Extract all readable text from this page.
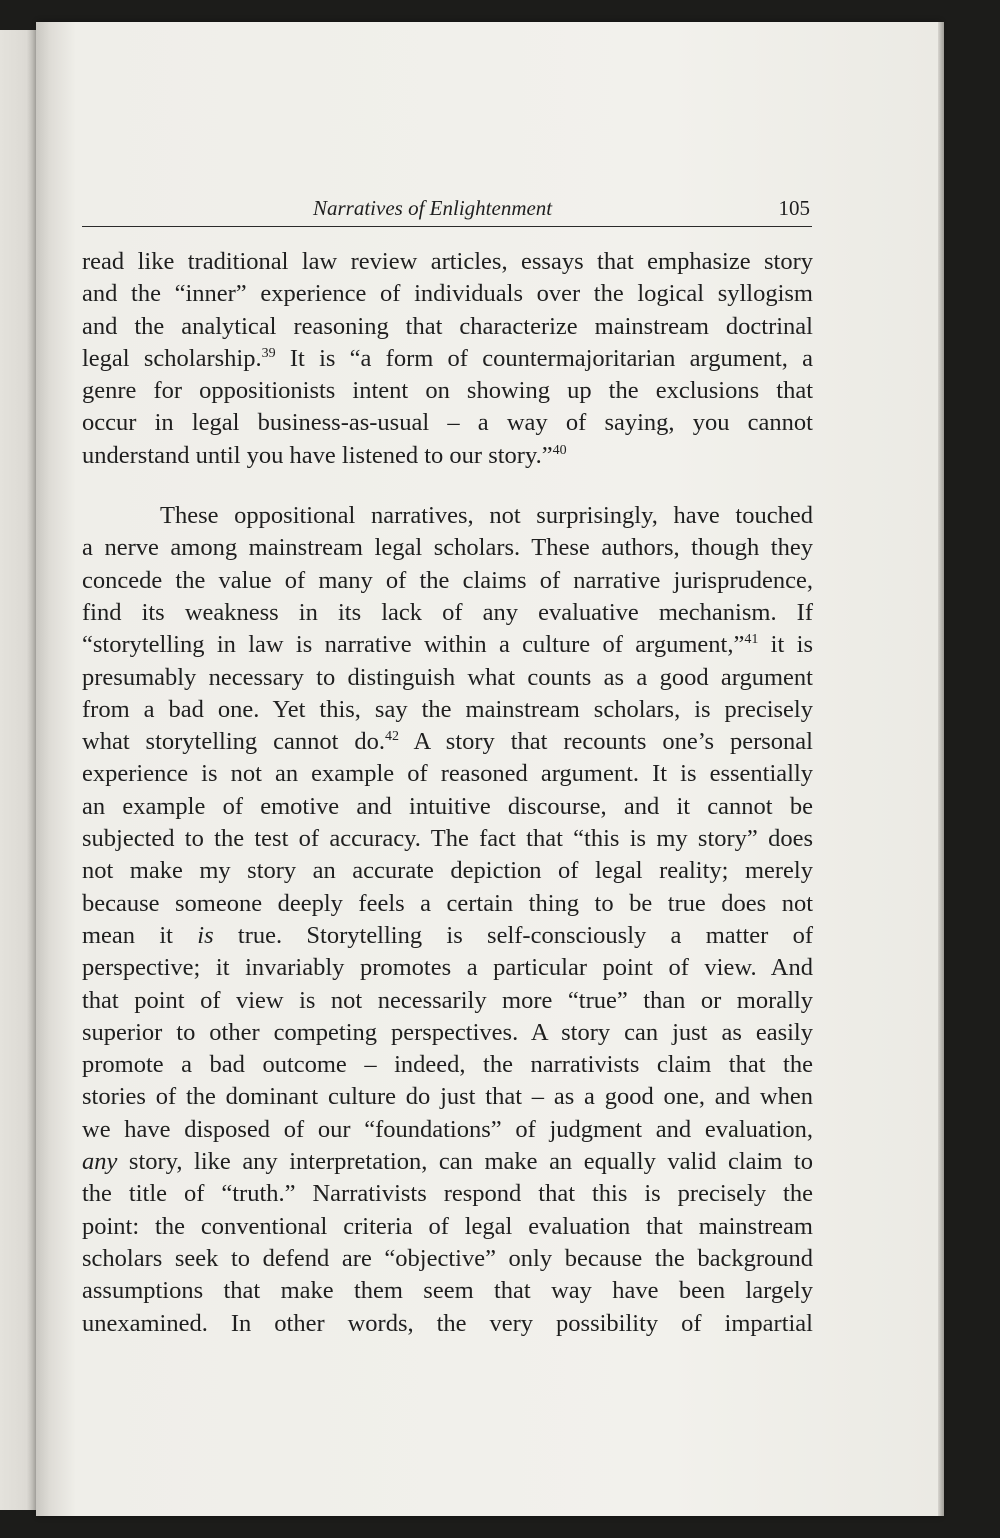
Narratives of Enlightenment	105
read like traditional law review articles, essays that emphasize story
and the “inner” experience of individuals over the logical syllogism
and the analytical reasoning that characterize mainstream doctrinal
legal scholarship.$^{39}$ It is “a form of countermajoritarian argument, a
genre for oppositionists intent on showing up the exclusions that
occur in legal business-as-usual – a way of saying, you cannot
understand until you have listened to our story.”$^{40}$
These oppositional narratives, not surprisingly, have touched
a nerve among mainstream legal scholars. These authors, though they
concede the value of many of the claims of narrative jurisprudence,
find its weakness in its lack of any evaluative mechanism. If
“storytelling in law is narrative within a culture of argument,”$^{41}$ it is
presumably necessary to distinguish what counts as a good argument
from a bad one. Yet this, say the mainstream scholars, is precisely
what storytelling cannot do.$^{42}$ A story that recounts one’s personal
experience is not an example of reasoned argument. It is essentially
an example of emotive and intuitive discourse, and it cannot be
subjected to the test of accuracy. The fact that “this is my story” does
not make my story an accurate depiction of legal reality; merely
because someone deeply feels a certain thing to be true does not
mean it is true. Storytelling is self-consciously a matter of
perspective; it invariably promotes a particular point of view. And
that point of view is not necessarily more “true” than or morally
superior to other competing perspectives. A story can just as easily
promote a bad outcome – indeed, the narrativists claim that the
stories of the dominant culture do just that – as a good one, and when
we have disposed of our “foundations” of judgment and evaluation,
any story, like any interpretation, can make an equally valid claim to
the title of “truth.” Narrativists respond that this is precisely the
point: the conventional criteria of legal evaluation that mainstream
scholars seek to defend are “objective” only because the background
assumptions that make them seem that way have been largely
unexamined. In other words, the very possibility of impartial
